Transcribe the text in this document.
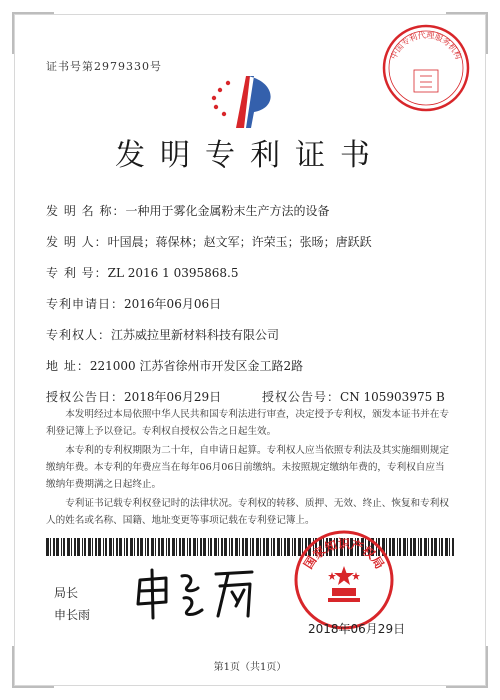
证书号第2979330号
中国专利代理服务机构
发明专利证书
发 明 名 称：一种用于雾化金属粉末生产方法的设备
发 明 人：叶国晨；蒋保林；赵文军；许荣玉；张旸；唐跃跃
专 利 号：ZL 2016 1 0395868.5
专利申请日：2016年06月06日
专利权人：江苏威拉里新材料科技有限公司
地 址：221000 江苏省徐州市开发区金工路2路
授权公告日：2018年06月29日	授权公告号：CN 105903975 B
本发明经过本局依照中华人民共和国专利法进行审查，决定授予专利权，颁发本证书并在专利登记簿上予以登记。专利权自授权公告之日起生效。
本专利的专利权期限为二十年，自申请日起算。专利权人应当依照专利法及其实施细则规定缴纳年费。本专利的年费应当在每年06月06日前缴纳。未按照规定缴纳年费的，专利权自应当缴纳年费期满之日起终止。
专利证书记载专利权登记时的法律状况。专利权的转移、质押、无效、终止、恢复和专利权人的姓名或名称、国籍、地址变更等事项记载在专利登记簿上。
局长
申长雨
国家知识产权局
2018年06月29日
第1页（共1页）
